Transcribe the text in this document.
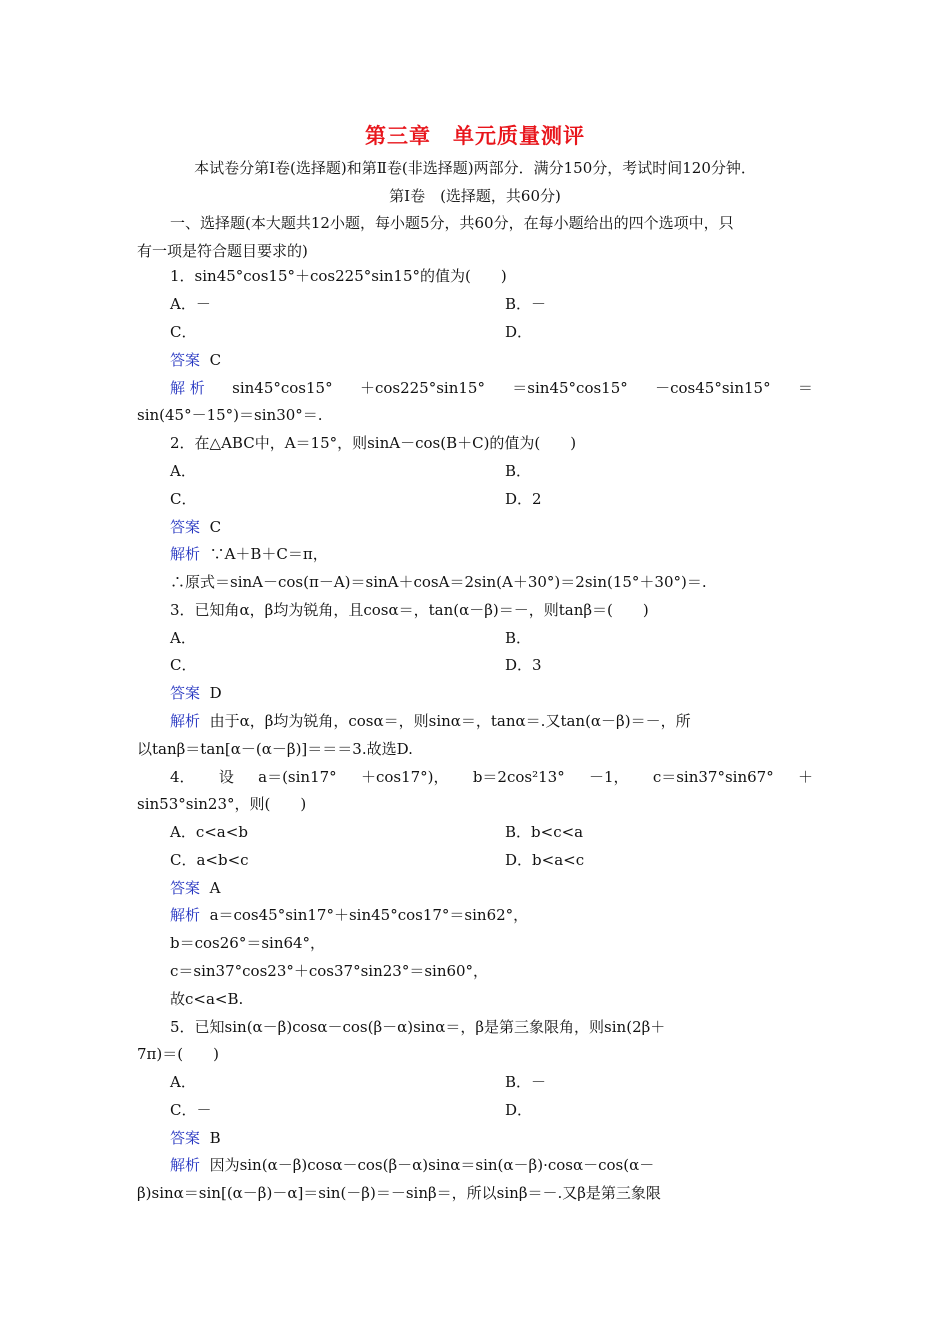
第三章　单元质量测评
本试卷分第Ⅰ卷(选择题)和第Ⅱ卷(非选择题)两部分．满分150分，考试时间120分钟．
第Ⅰ卷　(选择题，共60分)
一、选择题(本大题共12小题，每小题5分，共60分，在每小题给出的四个选项中，只
有一项是符合题目要求的)
1．sin45°cos15°＋cos225°sin15°的值为(　　)
A．－	B．－
C．	D．
答案 C
解 析 sin45°cos15° ＋cos225°sin15° ＝sin45°cos15° －cos45°sin15° ＝
sin(45°－15°)＝sin30°＝.
2．在△ABC中，A＝15°，则sinA－cos(B＋C)的值为(　　)
A．	B．
C．	D．2
答案 C
解析 ∵A＋B＋C＝π，
∴原式＝sinA－cos(π－A)＝sinA＋cosA＝2sin(A＋30°)＝2sin(15°＋30°)＝.
3．已知角α，β均为锐角，且cosα＝，tan(α－β)＝－，则tanβ＝(　　)
A．	B．
C．	D．3
答案 D
解析 由于α，β均为锐角，cosα＝，则sinα＝，tanα＝.又tan(α－β)＝－，所
以tanβ＝tan[α－(α－β)]＝＝＝3.故选D.
4． 设 a＝(sin17° ＋cos17°)， b＝2cos²13° －1， c＝sin37°sin67° ＋
sin53°sin23°，则(　　)
A．c<a<b	B．b<c<a
C．a<b<c	D．b<a<c
答案 A
解析 a＝cos45°sin17°＋sin45°cos17°＝sin62°，
b＝cos26°＝sin64°，
c＝sin37°cos23°＋cos37°sin23°＝sin60°，
故c<a<B.
5．已知sin(α－β)cosα－cos(β－α)sinα＝，β是第三象限角，则sin(2β＋
7π)＝(　　)
A．	B．－
C．－	D．
答案 B
解析 因为sin(α－β)cosα－cos(β－α)sinα＝sin(α－β)·cosα－cos(α－
β)sinα＝sin[(α－β)－α]＝sin(－β)＝－sinβ＝，所以sinβ＝－.又β是第三象限
